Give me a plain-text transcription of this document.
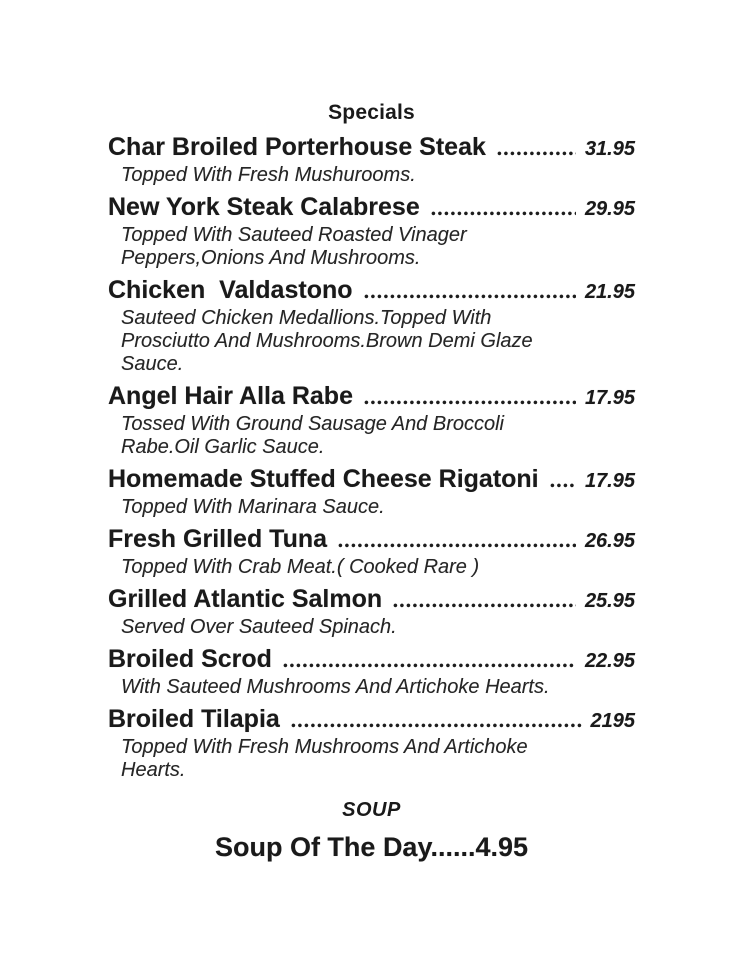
Specials
Char Broiled Porterhouse Steak	31.95
Topped With Fresh Mushurooms.
New York Steak Calabrese	29.95
Topped With Sauteed Roasted Vinager
Peppers,Onions And Mushrooms.
Chicken  Valdastono	21.95
Sauteed Chicken Medallions.Topped With
Prosciutto And Mushrooms.Brown Demi Glaze
Sauce.
Angel Hair Alla Rabe	17.95
Tossed With Ground Sausage And Broccoli
Rabe.Oil Garlic Sauce.
Homemade Stuffed Cheese Rigatoni 17.95
Topped With Marinara Sauce.
Fresh Grilled Tuna	26.95
Topped With Crab Meat.( Cooked Rare )
Grilled Atlantic Salmon	25.95
Served Over Sauteed Spinach.
Broiled Scrod	22.95
With Sauteed Mushrooms And Artichoke Hearts.
Broiled Tilapia	2195
Topped With Fresh Mushrooms And Artichoke
Hearts.
SOUP
Soup Of The Day......4.95
